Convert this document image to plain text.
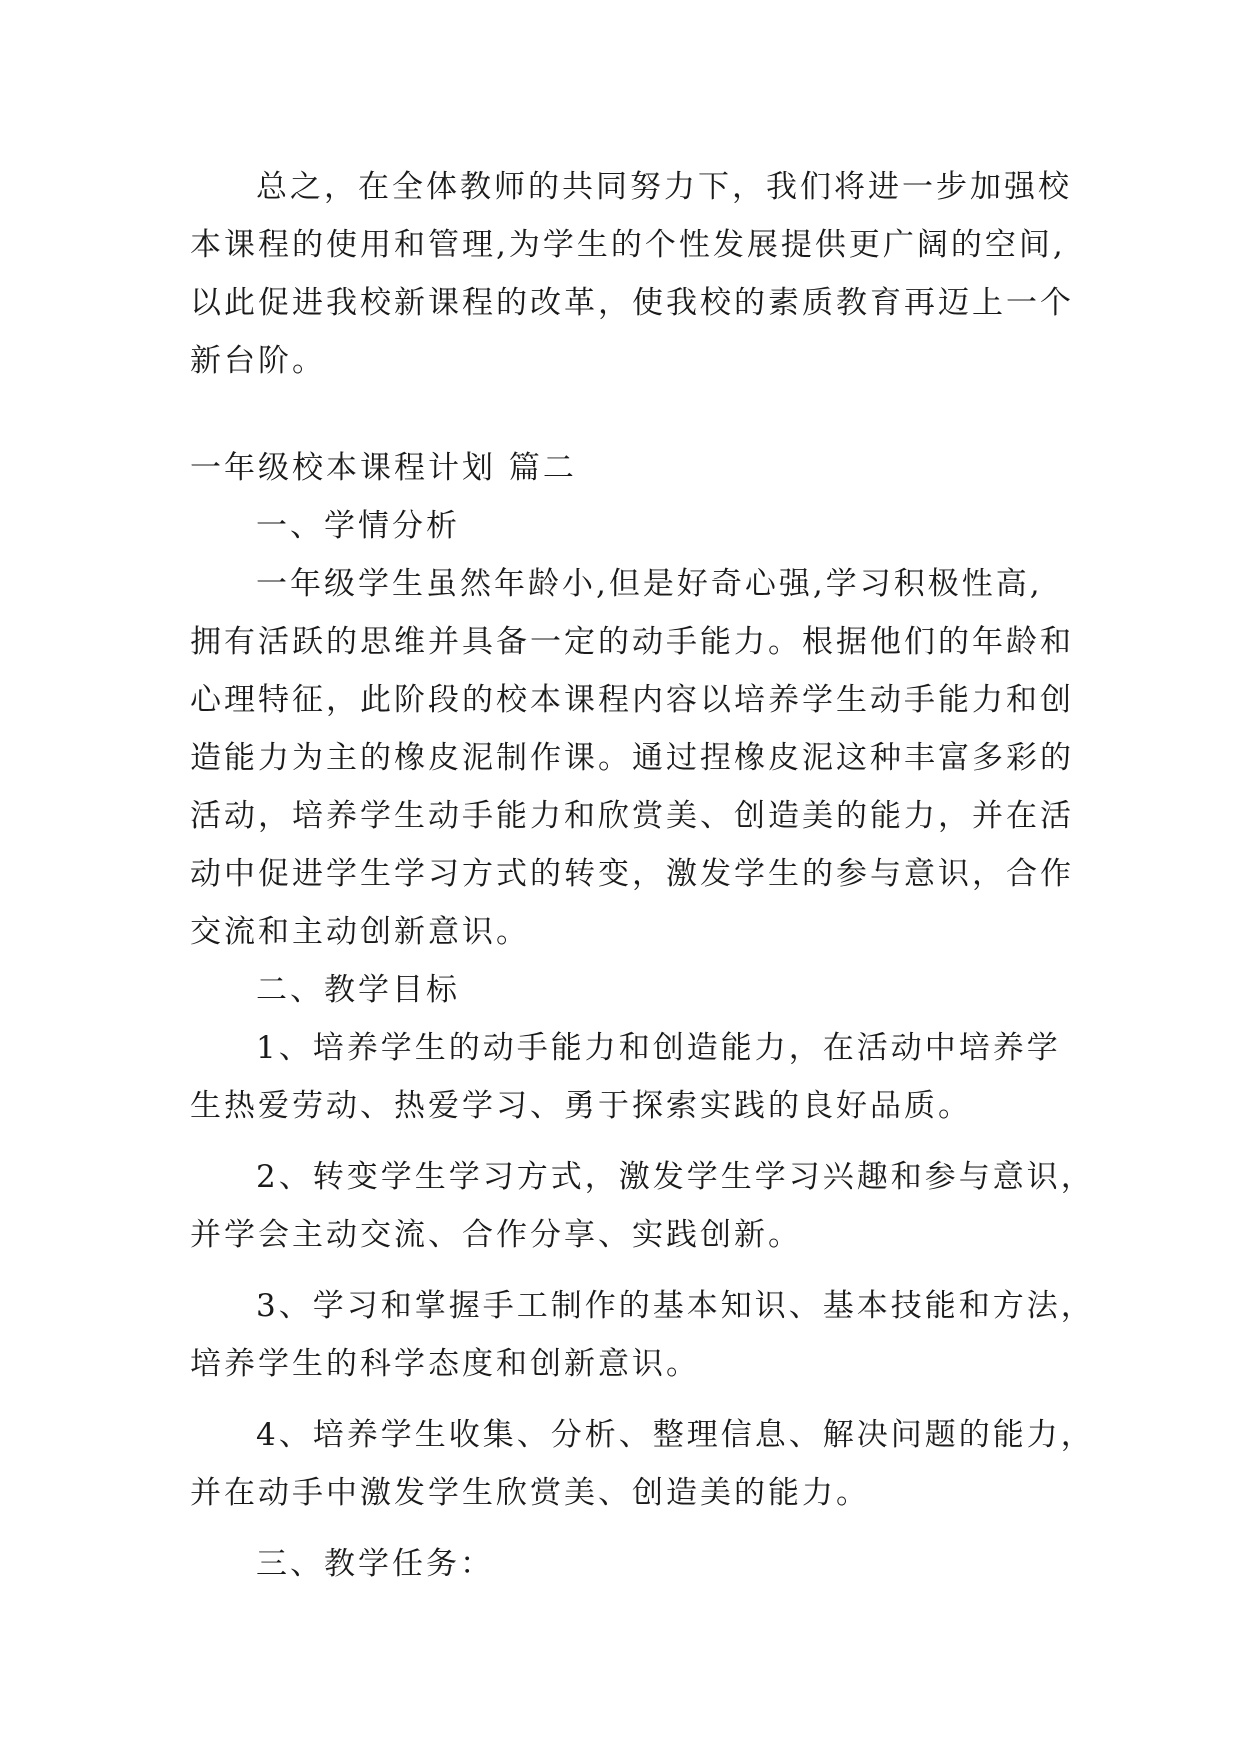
总之，在全体教师的共同努力下，我们将进一步加强校
本课程的使用和管理,为学生的个性发展提供更广阔的空间,
以此促进我校新课程的改革，使我校的素质教育再迈上一个
新台阶。
一年级校本课程计划 篇二
一、学情分析
一年级学生虽然年龄小,但是好奇心强,学习积极性高,
拥有活跃的思维并具备一定的动手能力。根据他们的年龄和
心理特征，此阶段的校本课程内容以培养学生动手能力和创
造能力为主的橡皮泥制作课。通过捏橡皮泥这种丰富多彩的
活动，培养学生动手能力和欣赏美、创造美的能力，并在活
动中促进学生学习方式的转变，激发学生的参与意识，合作
交流和主动创新意识。
二、教学目标
1、培养学生的动手能力和创造能力，在活动中培养学
生热爱劳动、热爱学习、勇于探索实践的良好品质。
2、转变学生学习方式，激发学生学习兴趣和参与意识，
并学会主动交流、合作分享、实践创新。
3、学习和掌握手工制作的基本知识、基本技能和方法，
培养学生的科学态度和创新意识。
4、培养学生收集、分析、整理信息、解决问题的能力，
并在动手中激发学生欣赏美、创造美的能力。
三、教学任务：
